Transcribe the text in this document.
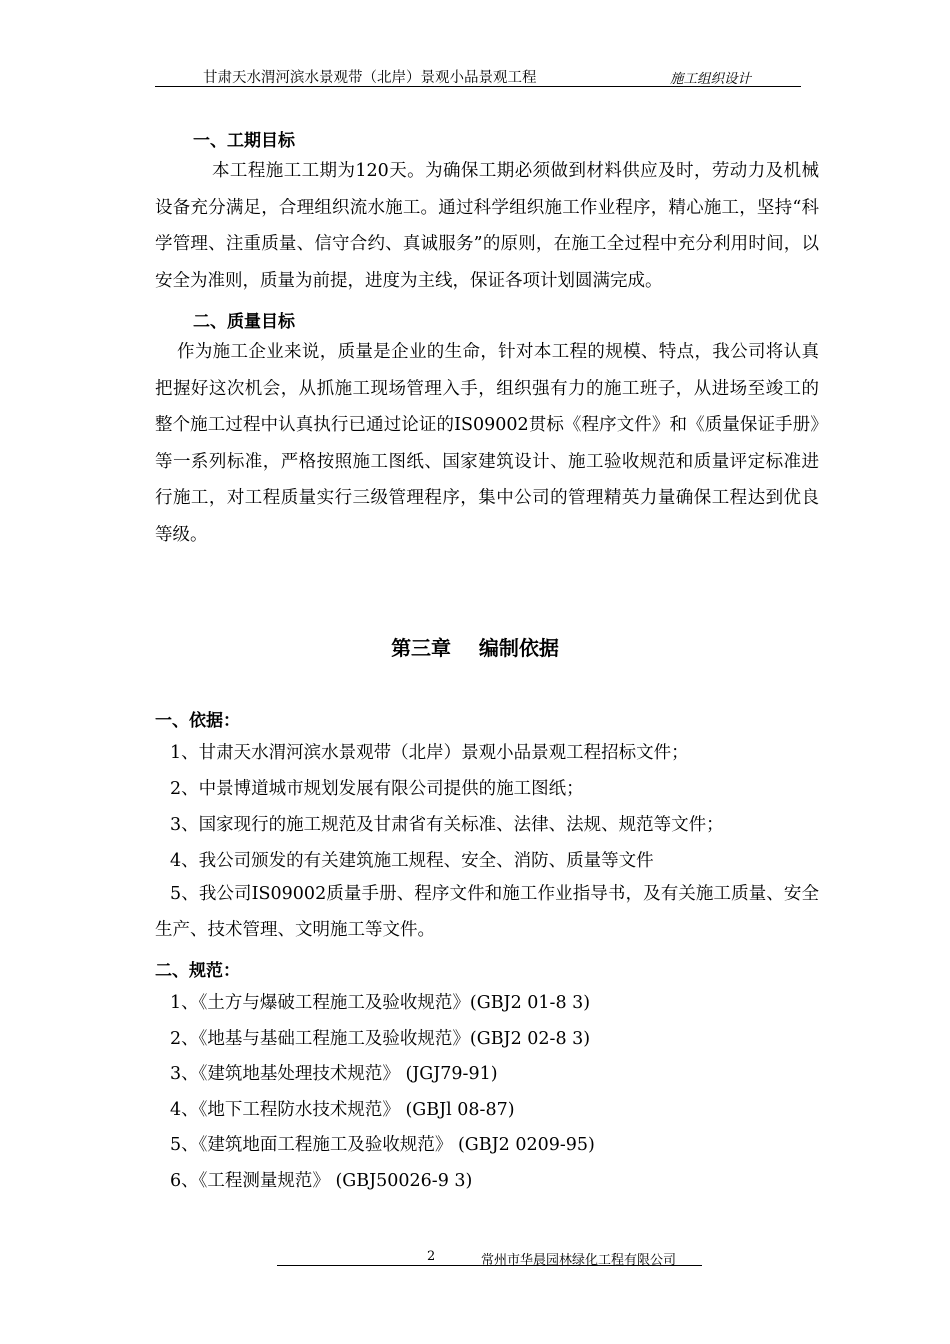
甘肃天水渭河滨水景观带（北岸）景观小品景观工程	施工组织设计
一、工期目标
本工程施工工期为120天。为确保工期必须做到材料供应及时，劳动力及机械设备充分满足，合理组织流水施工。通过科学组织施工作业程序，精心施工，坚持“科学管理、注重质量、信守合约、真诚服务”的原则，在施工全过程中充分利用时间，以安全为准则，质量为前提，进度为主线，保证各项计划圆满完成。
二、质量目标
作为施工企业来说，质量是企业的生命，针对本工程的规模、特点，我公司将认真把握好这次机会，从抓施工现场管理入手，组织强有力的施工班子，从进场至竣工的整个施工过程中认真执行已通过论证的IS09002贯标《程序文件》和《质量保证手册》等一系列标准，严格按照施工图纸、国家建筑设计、施工验收规范和质量评定标准进行施工，对工程质量实行三级管理程序，集中公司的管理精英力量确保工程达到优良等级。
第三章    编制依据
一、依据：
1、甘肃天水渭河滨水景观带（北岸）景观小品景观工程招标文件；
2、中景博道城市规划发展有限公司提供的施工图纸；
3、国家现行的施工规范及甘肃省有关标准、法律、法规、规范等文件；
4、我公司颁发的有关建筑施工规程、安全、消防、质量等文件
5、我公司IS09002质量手册、程序文件和施工作业指导书，及有关施工质量、安全生产、技术管理、文明施工等文件。
二、规范：
1、《土方与爆破工程施工及验收规范》(GBJ2 01-8 3)
2、《地基与基础工程施工及验收规范》(GBJ2 02-8 3)
3、《建筑地基处理技术规范》 (JGJ79-91)
4、《地下工程防水技术规范》 (GBJl 08-87)
5、《建筑地面工程施工及验收规范》 (GBJ2 0209-95)
6、《工程测量规范》 (GBJ50026-9 3)
2	常州市华晨园林绿化工程有限公司
